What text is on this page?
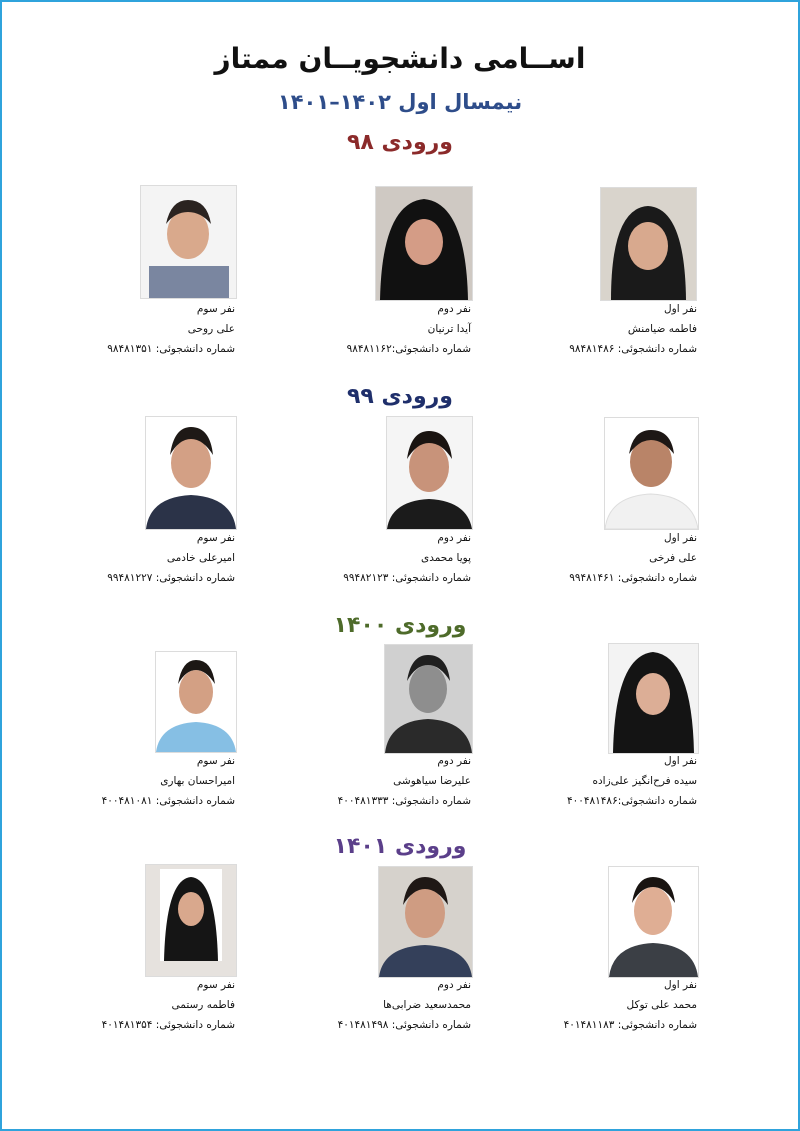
اســامی دانشجویــان ممتاز
نیمسال اول ۱۴۰۲–۱۴۰۱
ورودی ۹۸
نفر اول
فاطمه ضیامنش
شماره دانشجوئی: ۹۸۴۸۱۴۸۶
نفر دوم
آیدا ترنیان
شماره دانشجوئی:۹۸۴۸۱۱۶۲
نفر سوم
علی روحی
شماره دانشجوئی: ۹۸۴۸۱۳۵۱
ورودی ۹۹
نفر اول
علی فرخی
شماره دانشجوئی: ۹۹۴۸۱۴۶۱
نفر دوم
پویا محمدی
شماره دانشجوئی: ۹۹۴۸۲۱۲۳
نفر سوم
امیرعلی خادمی
شماره دانشجوئی: ۹۹۴۸۱۲۲۷
ورودی ۱۴۰۰
نفر اول
سیده فرح‌انگیز علی‌زاده
شماره دانشجوئی:۴۰۰۴۸۱۴۸۶
نفر دوم
علیرضا سیاهوشی
شماره دانشجوئی: ۴۰۰۴۸۱۳۳۳
نفر سوم
امیراحسان بهاری
شماره دانشجوئی: ۴۰۰۴۸۱۰۸۱
ورودی ۱۴۰۱
نفر اول
محمد علی توکل
شماره دانشجوئی: ۴۰۱۴۸۱۱۸۳
نفر دوم
محمدسعید ضرابی‌ها
شماره دانشجوئی: ۴۰۱۴۸۱۴۹۸
نفر سوم
فاطمه رستمی
شماره دانشجوئی: ۴۰۱۴۸۱۳۵۴
